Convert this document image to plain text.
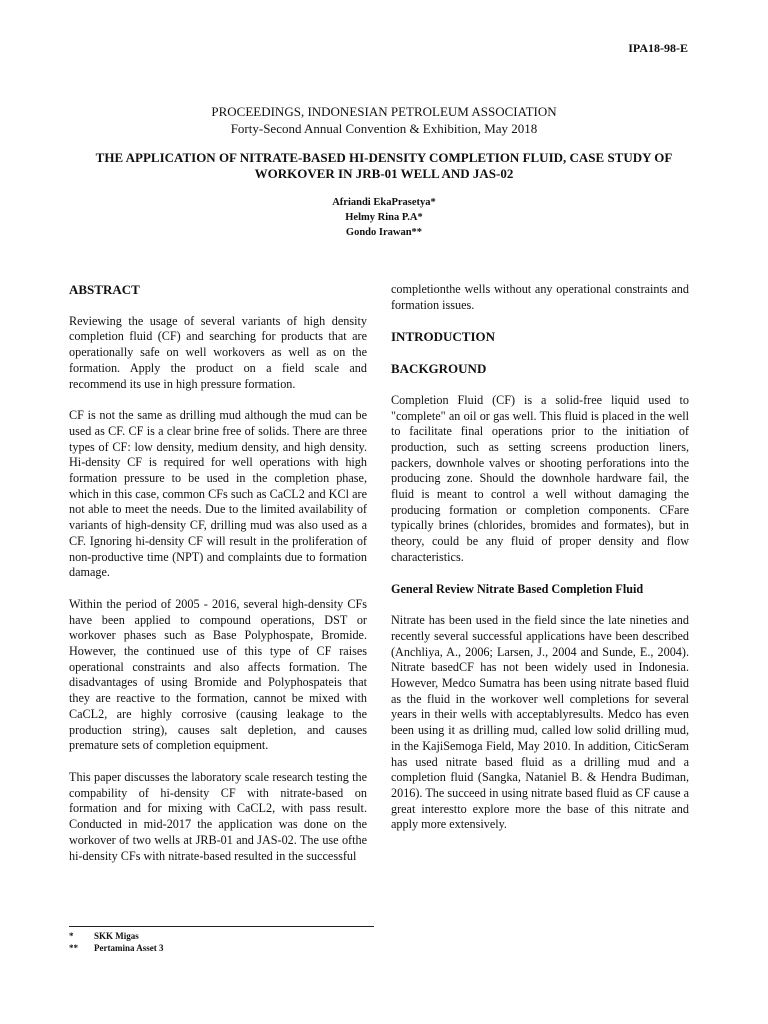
IPA18-98-E
PROCEEDINGS, INDONESIAN PETROLEUM ASSOCIATION
Forty-Second Annual Convention & Exhibition, May 2018
THE APPLICATION OF NITRATE-BASED HI-DENSITY COMPLETION FLUID, CASE STUDY OF WORKOVER IN JRB-01 WELL AND JAS-02
Afriandi EkaPrasetya*
Helmy Rina P.A*
Gondo Irawan**
ABSTRACT

Reviewing the usage of several variants of high density completion fluid (CF) and searching for products that are operationally safe on well workovers as well as on the formation. Apply the product on a field scale and recommend its use in high pressure formation.

CF is not the same as drilling mud although the mud can be used as CF. CF is a clear brine free of solids. There are three types of CF: low density, medium density, and high density. Hi-density CF is required for well operations with high formation pressure to be used in the completion phase, which in this case, common CFs such as CaCL2 and KCl are not able to meet the needs. Due to the limited availability of variants of high-density CF, drilling mud was also used as a CF. Ignoring hi-density CF will result in the proliferation of non-productive time (NPT) and complaints due to formation damage.

Within the period of 2005 - 2016, several high-density CFs have been applied to compound operations, DST or workover phases such as Base Polyphospate, Bromide. However, the continued use of this type of CF raises operational constraints and also affects formation. The disadvantages of using Bromide and Polyphospateis that they are reactive to the formation, cannot be mixed with CaCL2, are highly corrosive (causing leakage to the production string), causes salt depletion, and causes premature sets of completion equipment.

This paper discusses the laboratory scale research testing the compability of hi-density CF with nitrate-based on formation and for mixing with CaCL2, with pass result. Conducted in mid-2017 the application was done on the workover of two wells at JRB-01 and JAS-02. The use ofthe hi-density CFs with nitrate-based resulted in the successful

completionthe wells without any operational constraints and formation issues.

INTRODUCTION
BACKGROUND

Completion Fluid (CF) is a solid-free liquid used to "complete" an oil or gas well. This fluid is placed in the well to facilitate final operations prior to the initiation of production, such as setting screens production liners, packers, downhole valves or shooting perforations into the producing zone. Should the downhole hardware fail, the fluid is meant to control a well without damaging the producing formation or completion components. CFare typically brines (chlorides, bromides and formates), but in theory, could be any fluid of proper density and flow characteristics.

General Review Nitrate Based Completion Fluid

Nitrate has been used in the field since the late nineties and recently several successful applications have been described (Anchliya, A., 2006; Larsen, J., 2004 and Sunde, E., 2004). Nitrate basedCF has not been widely used in Indonesia. However, Medco Sumatra has been using nitrate based fluid as the fluid in the workover well completions for several years in their wells with acceptablyresults. Medco has even been using it as drilling mud, called low solid drilling mud, in the KajiSemoga Field, May 2010. In addition, CiticSeram has used nitrate based fluid as a drilling mud and a completion fluid (Sangka, Nataniel B. & Hendra Budiman, 2016). The succeed in using nitrate based fluid as CF cause a great interestto explore more the base of this nitrate and apply more extensively.

*	SKK Migas
**	Pertamina Asset 3
